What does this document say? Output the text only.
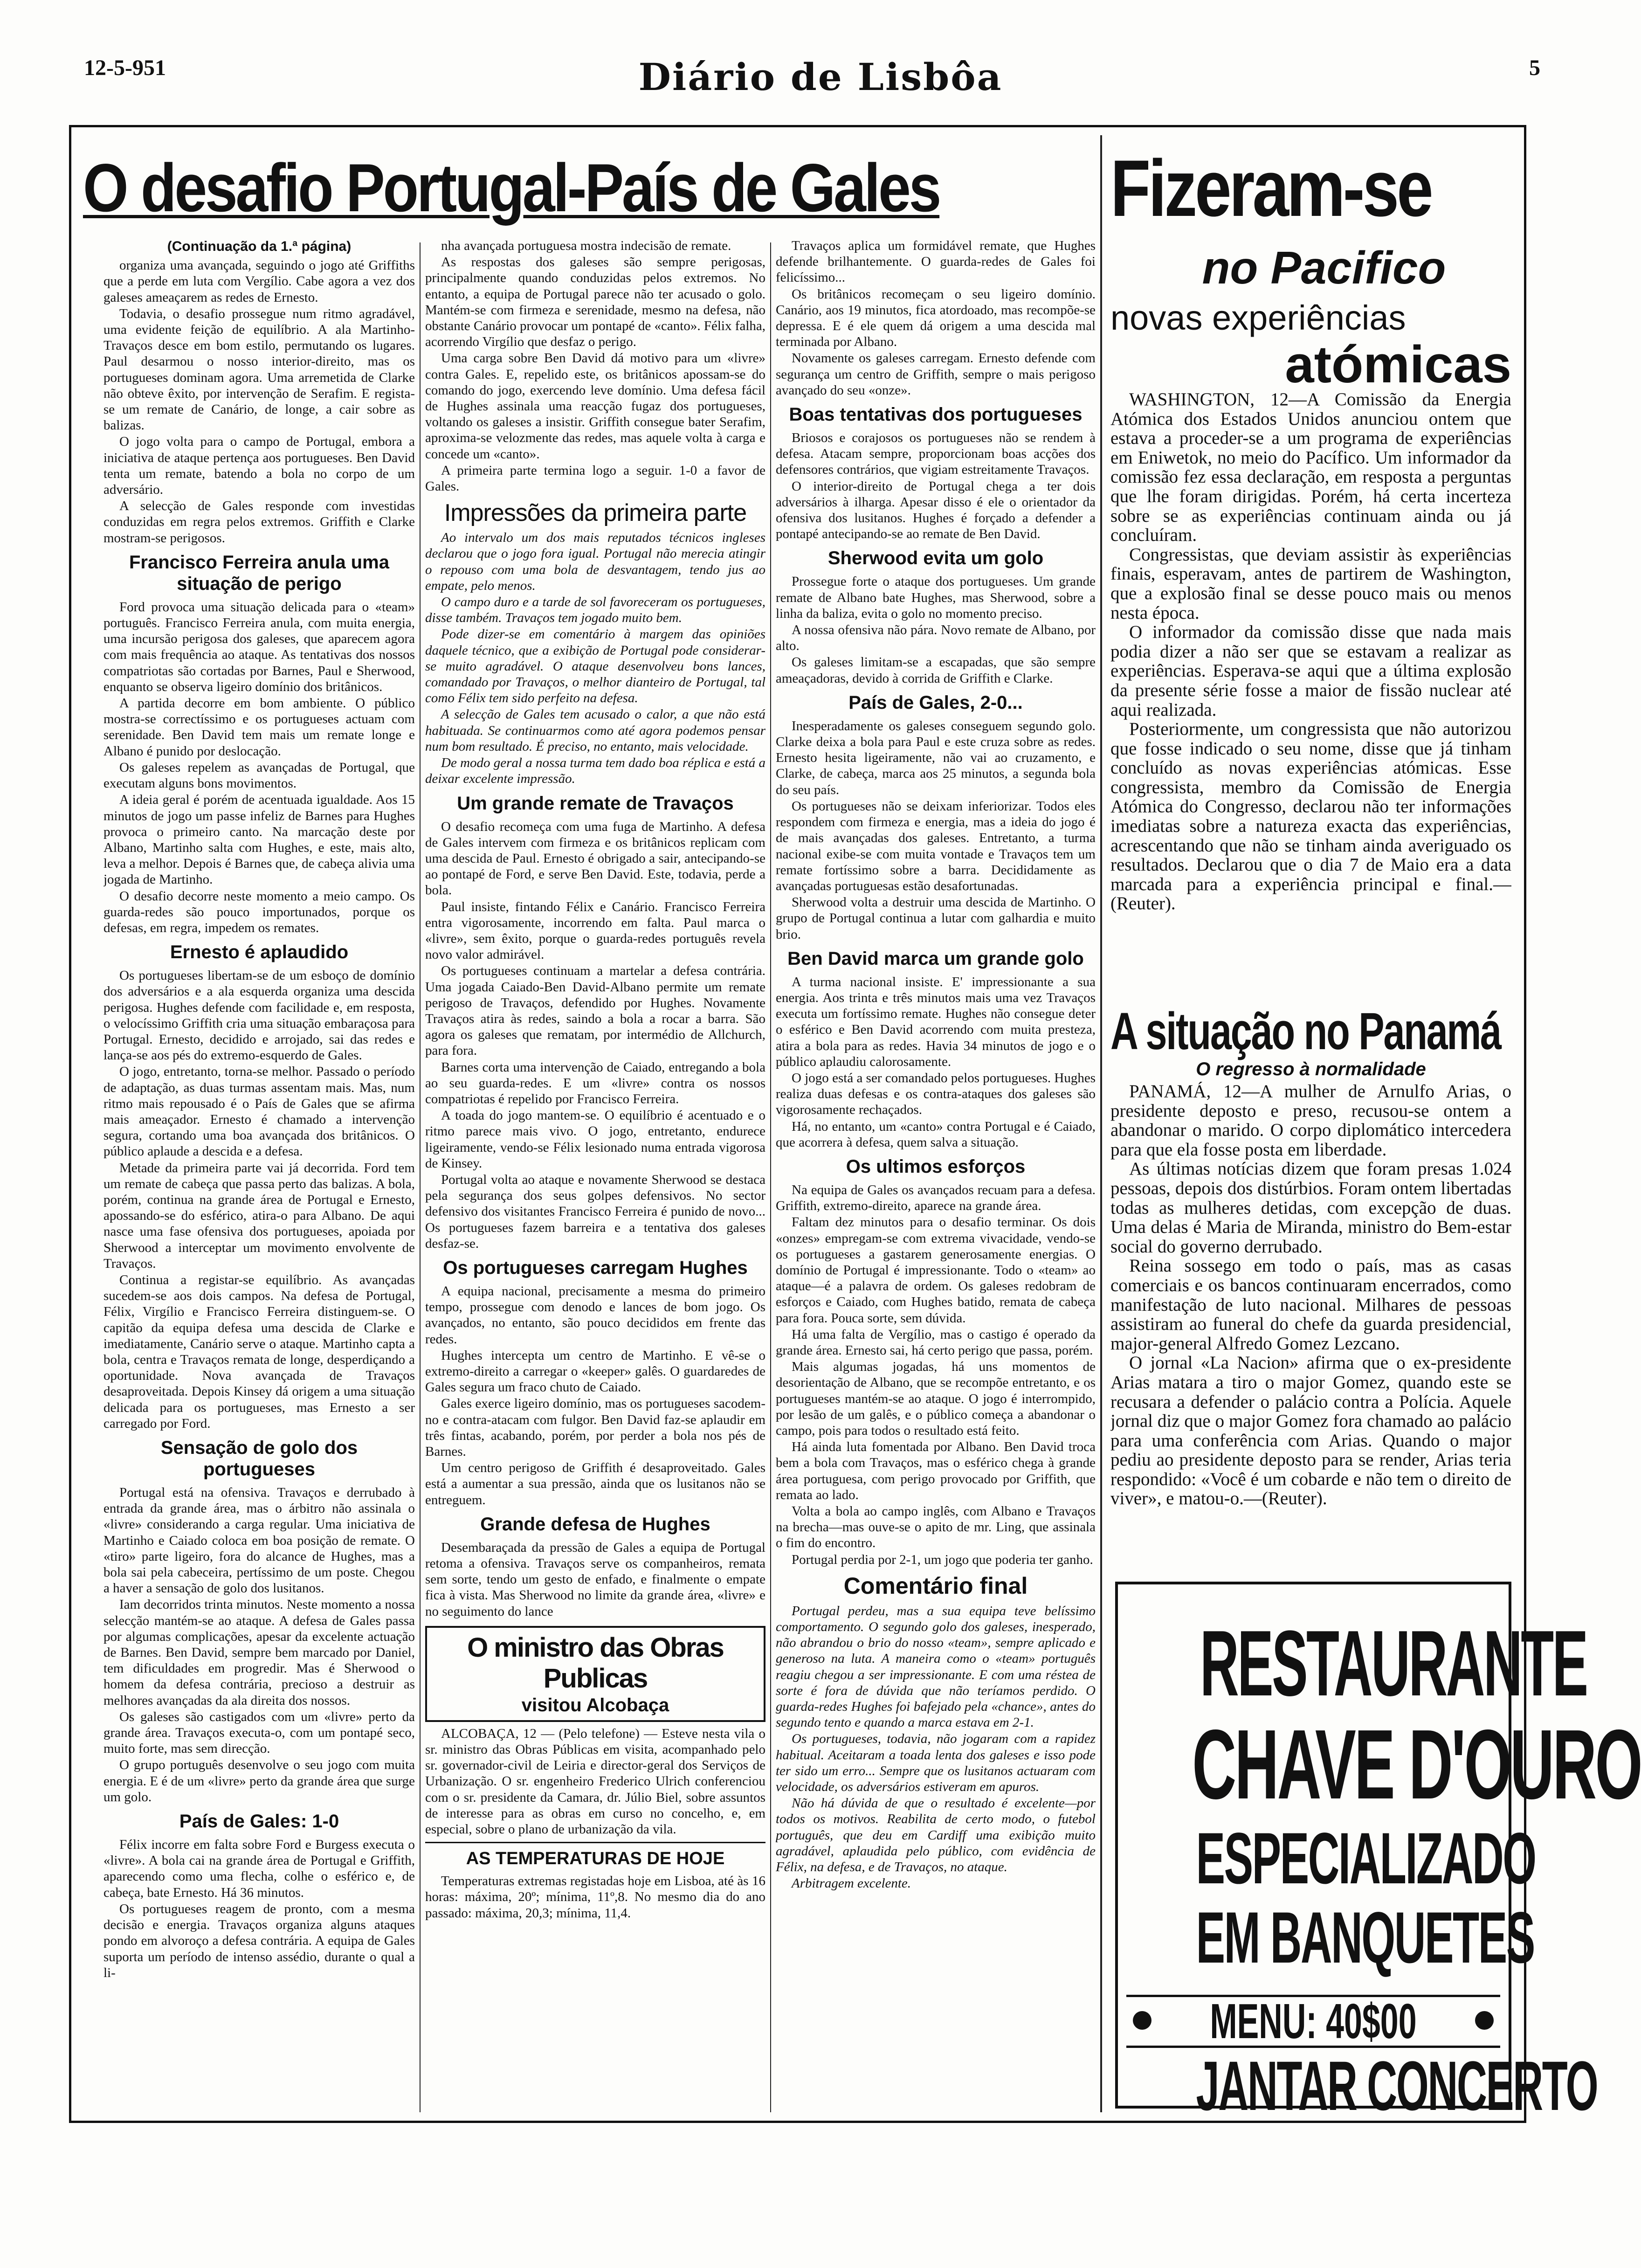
12-5-951	Diário de Lisbôa	5
O desafio Portugal-País de Gales
(Continuação da 1.ª página)

organiza uma avançada, seguindo o jogo até Griffiths que a perde em luta com Vergílio. Cabe agora a vez dos galeses ameaçarem as redes de Ernesto.

Todavia, o desafio prossegue num ritmo agradável, uma evidente feição de equilíbrio. A ala Martinho-Travaços desce em bom estilo, permutando os lugares. Paul desarmou o nosso interior-direito, mas os portugueses dominam agora. Uma arremetida de Clarke não obteve êxito, por intervenção de Serafim. E regista-se um remate de Canário, de longe, a cair sobre as balizas.

O jogo volta para o campo de Portugal, embora a iniciativa de ataque pertença aos portugueses. Ben David tenta um remate, batendo a bola no corpo de um adversário.

A selecção de Gales responde com investidas conduzidas em regra pelos extremos. Griffith e Clarke mostram-se perigosos.

Francisco Ferreira anula uma situação de perigo

Ford provoca uma situação delicada para o «team» português. Francisco Ferreira anula, com muita energia, uma incursão perigosa dos galeses, que aparecem agora com mais frequência ao ataque. As tentativas dos nossos compatriotas são cortadas por Barnes, Paul e Sherwood, enquanto se observa ligeiro domínio dos britânicos.

A partida decorre em bom ambiente. O público mostra-se correctíssimo e os portugueses actuam com serenidade. Ben David tem mais um remate longe e Albano é punido por deslocação.

Os galeses repelem as avançadas de Portugal, que executam alguns bons movimentos.

A ideia geral é porém de acentuada igualdade. Aos 15 minutos de jogo um passe infeliz de Barnes para Hughes provoca o primeiro canto. Na marcação deste por Albano, Martinho salta com Hughes, e este, mais alto, leva a melhor. Depois é Barnes que, de cabeça alivia uma jogada de Martinho.

O desafio decorre neste momento a meio campo. Os guarda-redes são pouco importunados, porque os defesas, em regra, impedem os remates.

Ernesto é aplaudido

Os portugueses libertam-se de um esboço de domínio dos adversários e a ala esquerda organiza uma descida perigosa. Hughes defende com facilidade e, em resposta, o velocíssimo Griffith cria uma situação embaraçosa para Portugal. Ernesto, decidido e arrojado, sai das redes e lança-se aos pés do extremo-esquerdo de Gales.

O jogo, entretanto, torna-se melhor. Passado o período de adaptação, as duas turmas assentam mais. Mas, num ritmo mais repousado é o País de Gales que se afirma mais ameaçador. Ernesto é chamado a intervenção segura, cortando uma boa avançada dos britânicos. O público aplaude a descida e a defesa.

Metade da primeira parte vai já decorrida. Ford tem um remate de cabeça que passa perto das balizas. A bola, porém, continua na grande área de Portugal e Ernesto, apossando-se do esférico, atira-o para Albano. De aqui nasce uma fase ofensiva dos portugueses, apoiada por Sherwood a interceptar um movimento envolvente de Travaços.

Continua a registar-se equilíbrio. As avançadas sucedem-se aos dois campos. Na defesa de Portugal, Félix, Virgílio e Francisco Ferreira distinguem-se. O capitão da equipa defesa uma descida de Clarke e imediatamente, Canário serve o ataque. Martinho capta a bola, centra e Travaços remata de longe, desperdiçando a oportunidade. Nova avançada de Travaços desaproveitada. Depois Kinsey dá origem a uma situação delicada para os portugueses, mas Ernesto a ser carregado por Ford.

Sensação de golo dos portugueses

Portugal está na ofensiva. Travaços e derrubado à entrada da grande área, mas o árbitro não assinala o «livre» considerando a carga regular. Uma iniciativa de Martinho e Caiado coloca em boa posição de remate. O «tiro» parte ligeiro, fora do alcance de Hughes, mas a bola sai pela cabeceira, pertíssimo de um poste. Chegou a haver a sensação de golo dos lusitanos.

Iam decorridos trinta minutos. Neste momento a nossa selecção mantém-se ao ataque. A defesa de Gales passa por algumas complicações, apesar da excelente actuação de Barnes. Ben David, sempre bem marcado por Daniel, tem dificuldades em progredir. Mas é Sherwood o homem da defesa contrária, precioso a destruir as melhores avançadas da ala direita dos nossos.

Os galeses são castigados com um «livre» perto da grande área. Travaços executa-o, com um pontapé seco, muito forte, mas sem direcção.

O grupo português desenvolve o seu jogo com muita energia. E é de um «livre» perto da grande área que surge um golo.

País de Gales: 1-0

Félix incorre em falta sobre Ford e Burgess executa o «livre». A bola cai na grande área de Portugal e Griffith, aparecendo como uma flecha, colhe o esférico e, de cabeça, bate Ernesto. Há 36 minutos.

Os portugueses reagem de pronto, com a mesma decisão e energia. Travaços organiza alguns ataques pondo em alvoroço a defesa contrária. A equipa de Gales suporta um período de intenso assédio, durante o qual a li-

nha avançada portuguesa mostra indecisão de remate.

As respostas dos galeses são sempre perigosas, principalmente quando conduzidas pelos extremos. No entanto, a equipa de Portugal parece não ter acusado o golo. Mantém-se com firmeza e serenidade, mesmo na defesa, não obstante Canário provocar um pontapé de «canto». Félix falha, acorrendo Virgílio que desfaz o perigo.

Uma carga sobre Ben David dá motivo para um «livre» contra Gales. E, repelido este, os britânicos apossam-se do comando do jogo, exercendo leve domínio. Uma defesa fácil de Hughes assinala uma reacção fugaz dos portugueses, voltando os galeses a insistir. Griffith consegue bater Serafim, aproxima-se velozmente das redes, mas aquele volta à carga e concede um «canto».

A primeira parte termina logo a seguir. 1-0 a favor de Gales.

Impressões da primeira parte

Ao intervalo um dos mais reputados técnicos ingleses declarou que o jogo fora igual. Portugal não merecia atingir o repouso com uma bola de desvantagem, tendo jus ao empate, pelo menos.

O campo duro e a tarde de sol favoreceram os portugueses, disse também. Travaços tem jogado muito bem.

Pode dizer-se em comentário à margem das opiniões daquele técnico, que a exibição de Portugal pode considerar-se muito agradável. O ataque desenvolveu bons lances, comandado por Travaços, o melhor dianteiro de Portugal, tal como Félix tem sido perfeito na defesa.

A selecção de Gales tem acusado o calor, a que não está habituada. Se continuarmos como até agora podemos pensar num bom resultado. É preciso, no entanto, mais velocidade.

De modo geral a nossa turma tem dado boa réplica e está a deixar excelente impressão.

Um grande remate de Travaços

O desafio recomeça com uma fuga de Martinho. A defesa de Gales intervem com firmeza e os britânicos replicam com uma descida de Paul. Ernesto é obrigado a sair, antecipando-se ao pontapé de Ford, e serve Ben David. Este, todavia, perde a bola.

Paul insiste, fintando Félix e Canário. Francisco Ferreira entra vigorosamente, incorrendo em falta. Paul marca o «livre», sem êxito, porque o guarda-redes português revela novo valor admirável.

Os portugueses continuam a martelar a defesa contrária. Uma jogada Caiado-Ben David-Albano permite um remate perigoso de Travaços, defendido por Hughes. Novamente Travaços atira às redes, saindo a bola a rocar a barra. São agora os galeses que rematam, por intermédio de Allchurch, para fora.

Barnes corta uma intervenção de Caiado, entregando a bola ao seu guarda-redes. E um «livre» contra os nossos compatriotas é repelido por Francisco Ferreira.

A toada do jogo mantem-se. O equilíbrio é acentuado e o ritmo parece mais vivo. O jogo, entretanto, endurece ligeiramente, vendo-se Félix lesionado numa entrada vigorosa de Kinsey.

Portugal volta ao ataque e novamente Sherwood se destaca pela segurança dos seus golpes defensivos. No sector defensivo dos visitantes Francisco Ferreira é punido de novo... Os portugueses fazem barreira e a tentativa dos galeses desfaz-se.

Os portugueses carregam Hughes

A equipa nacional, precisamente a mesma do primeiro tempo, prossegue com denodo e lances de bom jogo. Os avançados, no entanto, são pouco decididos em frente das redes.

Hughes intercepta um centro de Martinho. E vê-se o extremo-direito a carregar o «keeper» galês. O guardaredes de Gales segura um fraco chuto de Caiado.

Gales exerce ligeiro domínio, mas os portugueses sacodem-no e contra-atacam com fulgor. Ben David faz-se aplaudir em três fintas, acabando, porém, por perder a bola nos pés de Barnes.

Um centro perigoso de Griffith é desaproveitado. Gales está a aumentar a sua pressão, ainda que os lusitanos não se entreguem.

Grande defesa de Hughes

Desembaraçada da pressão de Gales a equipa de Portugal retoma a ofensiva. Travaços serve os companheiros, remata sem sorte, tendo um gesto de enfado, e finalmente o empate fica à vista. Mas Sherwood no limite da grande área, «livre» e no seguimento do lance

O ministro das Obras Publicas
visitou Alcobaça

ALCOBAÇA, 12 — (Pelo telefone) — Esteve nesta vila o sr. ministro das Obras Públicas em visita, acompanhado pelo sr. governador-civil de Leiria e director-geral dos Serviços de Urbanização. O sr. engenheiro Frederico Ulrich conferenciou com o sr. presidente da Camara, dr. Júlio Biel, sobre assuntos de interesse para as obras em curso no concelho, e, em especial, sobre o plano de urbanização da vila.

AS TEMPERATURAS DE HOJE

Temperaturas extremas registadas hoje em Lisboa, até às 16 horas: máxima, 20º; mínima, 11º,8. No mesmo dia do ano passado: máxima, 20,3; mínima, 11,4.

Travaços aplica um formidável remate, que Hughes defende brilhantemente. O guarda-redes de Gales foi felicíssimo...

Os britânicos recomeçam o seu ligeiro domínio. Canário, aos 19 minutos, fica atordoado, mas recompõe-se depressa. E é ele quem dá origem a uma descida mal terminada por Albano.

Novamente os galeses carregam. Ernesto defende com segurança um centro de Griffith, sempre o mais perigoso avançado do seu «onze».

Boas tentativas dos portugueses

Briosos e corajosos os portugueses não se rendem à defesa. Atacam sempre, proporcionam boas acções dos defensores contrários, que vigiam estreitamente Travaços.

O interior-direito de Portugal chega a ter dois adversários à ilharga. Apesar disso é ele o orientador da ofensiva dos lusitanos. Hughes é forçado a defender a pontapé antecipando-se ao remate de Ben David.

Sherwood evita um golo

Prossegue forte o ataque dos portugueses. Um grande remate de Albano bate Hughes, mas Sherwood, sobre a linha da baliza, evita o golo no momento preciso.

A nossa ofensiva não pára. Novo remate de Albano, por alto.

Os galeses limitam-se a escapadas, que são sempre ameaçadoras, devido à corrida de Griffith e Clarke.

País de Gales, 2-0...

Inesperadamente os galeses conseguem segundo golo. Clarke deixa a bola para Paul e este cruza sobre as redes. Ernesto hesita ligeiramente, não vai ao cruzamento, e Clarke, de cabeça, marca aos 25 minutos, a segunda bola do seu país.

Os portugueses não se deixam inferiorizar. Todos eles respondem com firmeza e energia, mas a ideia do jogo é de mais avançadas dos galeses. Entretanto, a turma nacional exibe-se com muita vontade e Travaços tem um remate fortíssimo sobre a barra. Decididamente as avançadas portuguesas estão desafortunadas.

Sherwood volta a destruir uma descida de Martinho. O grupo de Portugal continua a lutar com galhardia e muito brio.

Ben David marca um grande golo

A turma nacional insiste. E' impressionante a sua energia. Aos trinta e três minutos mais uma vez Travaços executa um fortíssimo remate. Hughes não consegue deter o esférico e Ben David acorrendo com muita presteza, atira a bola para as redes. Havia 34 minutos de jogo e o público aplaudiu calorosamente.

O jogo está a ser comandado pelos portugueses. Hughes realiza duas defesas e os contra-ataques dos galeses são vigorosamente rechaçados.

Há, no entanto, um «canto» contra Portugal e é Caiado, que acorrera à defesa, quem salva a situação.

Os ultimos esforços

Na equipa de Gales os avançados recuam para a defesa. Griffith, extremo-direito, aparece na grande área.

Faltam dez minutos para o desafio terminar. Os dois «onzes» empregam-se com extrema vivacidade, vendo-se os portugueses a gastarem generosamente energias. O domínio de Portugal é impressionante. Todo o «team» ao ataque—é a palavra de ordem. Os galeses redobram de esforços e Caiado, com Hughes batido, remata de cabeça para fora. Pouca sorte, sem dúvida.

Há uma falta de Vergílio, mas o castigo é operado da grande área. Ernesto sai, há certo perigo que passa, porém.

Mais algumas jogadas, há uns momentos de desorientação de Albano, que se recompõe entretanto, e os portugueses mantém-se ao ataque. O jogo é interrompido, por lesão de um galês, e o público começa a abandonar o campo, pois para todos o resultado está feito.

Há ainda luta fomentada por Albano. Ben David troca bem a bola com Travaços, mas o esférico chega à grande área portuguesa, com perigo provocado por Griffith, que remata ao lado.

Volta a bola ao campo inglês, com Albano e Travaços na brecha—mas ouve-se o apito de mr. Ling, que assinala o fim do encontro.

Portugal perdia por 2-1, um jogo que poderia ter ganho.

Comentário final

Portugal perdeu, mas a sua equipa teve belíssimo comportamento. O segundo golo dos galeses, inesperado, não abrandou o brio do nosso «team», sempre aplicado e generoso na luta. A maneira como o «team» português reagiu chegou a ser impressionante. E com uma réstea de sorte é fora de dúvida que não teríamos perdido. O guarda-redes Hughes foi bafejado pela «chance», antes do segundo tento e quando a marca estava em 2-1.

Os portugueses, todavia, não jogaram com a rapidez habitual. Aceitaram a toada lenta dos galeses e isso pode ter sido um erro... Sempre que os lusitanos actuaram com velocidade, os adversários estiveram em apuros.

Não há dúvida de que o resultado é excelente—por todos os motivos. Reabilita de certo modo, o futebol português, que deu em Cardiff uma exibição muito agradável, aplaudida pelo público, com evidência de Félix, na defesa, e de Travaços, no ataque.

Arbitragem excelente.

Fizeram-se
no Pacifico
novas experiências
atómicas

WASHINGTON, 12—A Comissão da Energia Atómica dos Estados Unidos anunciou ontem que estava a proceder-se a um programa de experiências em Eniwetok, no meio do Pacífico. Um informador da comissão fez essa declaração, em resposta a perguntas que lhe foram dirigidas. Porém, há certa incerteza sobre se as experiências continuam ainda ou já concluíram.

Congressistas, que deviam assistir às experiências finais, esperavam, antes de partirem de Washington, que a explosão final se desse pouco mais ou menos nesta época.

O informador da comissão disse que nada mais podia dizer a não ser que se estavam a realizar as experiências. Esperava-se aqui que a última explosão da presente série fosse a maior de fissão nuclear até aqui realizada.

Posteriormente, um congressista que não autorizou que fosse indicado o seu nome, disse que já tinham concluído as novas experiências atómicas. Esse congressista, membro da Comissão de Energia Atómica do Congresso, declarou não ter informações imediatas sobre a natureza exacta das experiências, acrescentando que não se tinham ainda averiguado os resultados. Declarou que o dia 7 de Maio era a data marcada para a experiência principal e final.—(Reuter).

A situação no Panamá
O regresso à normalidade

PANAMÁ, 12—A mulher de Arnulfo Arias, o presidente deposto e preso, recusou-se ontem a abandonar o marido. O corpo diplomático intercedera para que ela fosse posta em liberdade.

As últimas notícias dizem que foram presas 1.024 pessoas, depois dos distúrbios. Foram ontem libertadas todas as mulheres detidas, com excepção de duas. Uma delas é Maria de Miranda, ministro do Bem-estar social do governo derrubado.

Reina sossego em todo o país, mas as casas comerciais e os bancos continuaram encerrados, como manifestação de luto nacional. Milhares de pessoas assistiram ao funeral do chefe da guarda presidencial, major-general Alfredo Gomez Lezcano.

O jornal «La Nacion» afirma que o ex-presidente Arias matara a tiro o major Gomez, quando este se recusara a defender o palácio contra a Polícia. Aquele jornal diz que o major Gomez fora chamado ao palácio para uma conferência com Arias. Quando o major pediu ao presidente deposto para se render, Arias teria respondido: «Você é um cobarde e não tem o direito de viver», e matou-o.—(Reuter).

RESTAURANTE
CHAVE D'OURO
ESPECIALIZADO
EM BANQUETES
MENU: 40$00
JANTAR CONCERTO
